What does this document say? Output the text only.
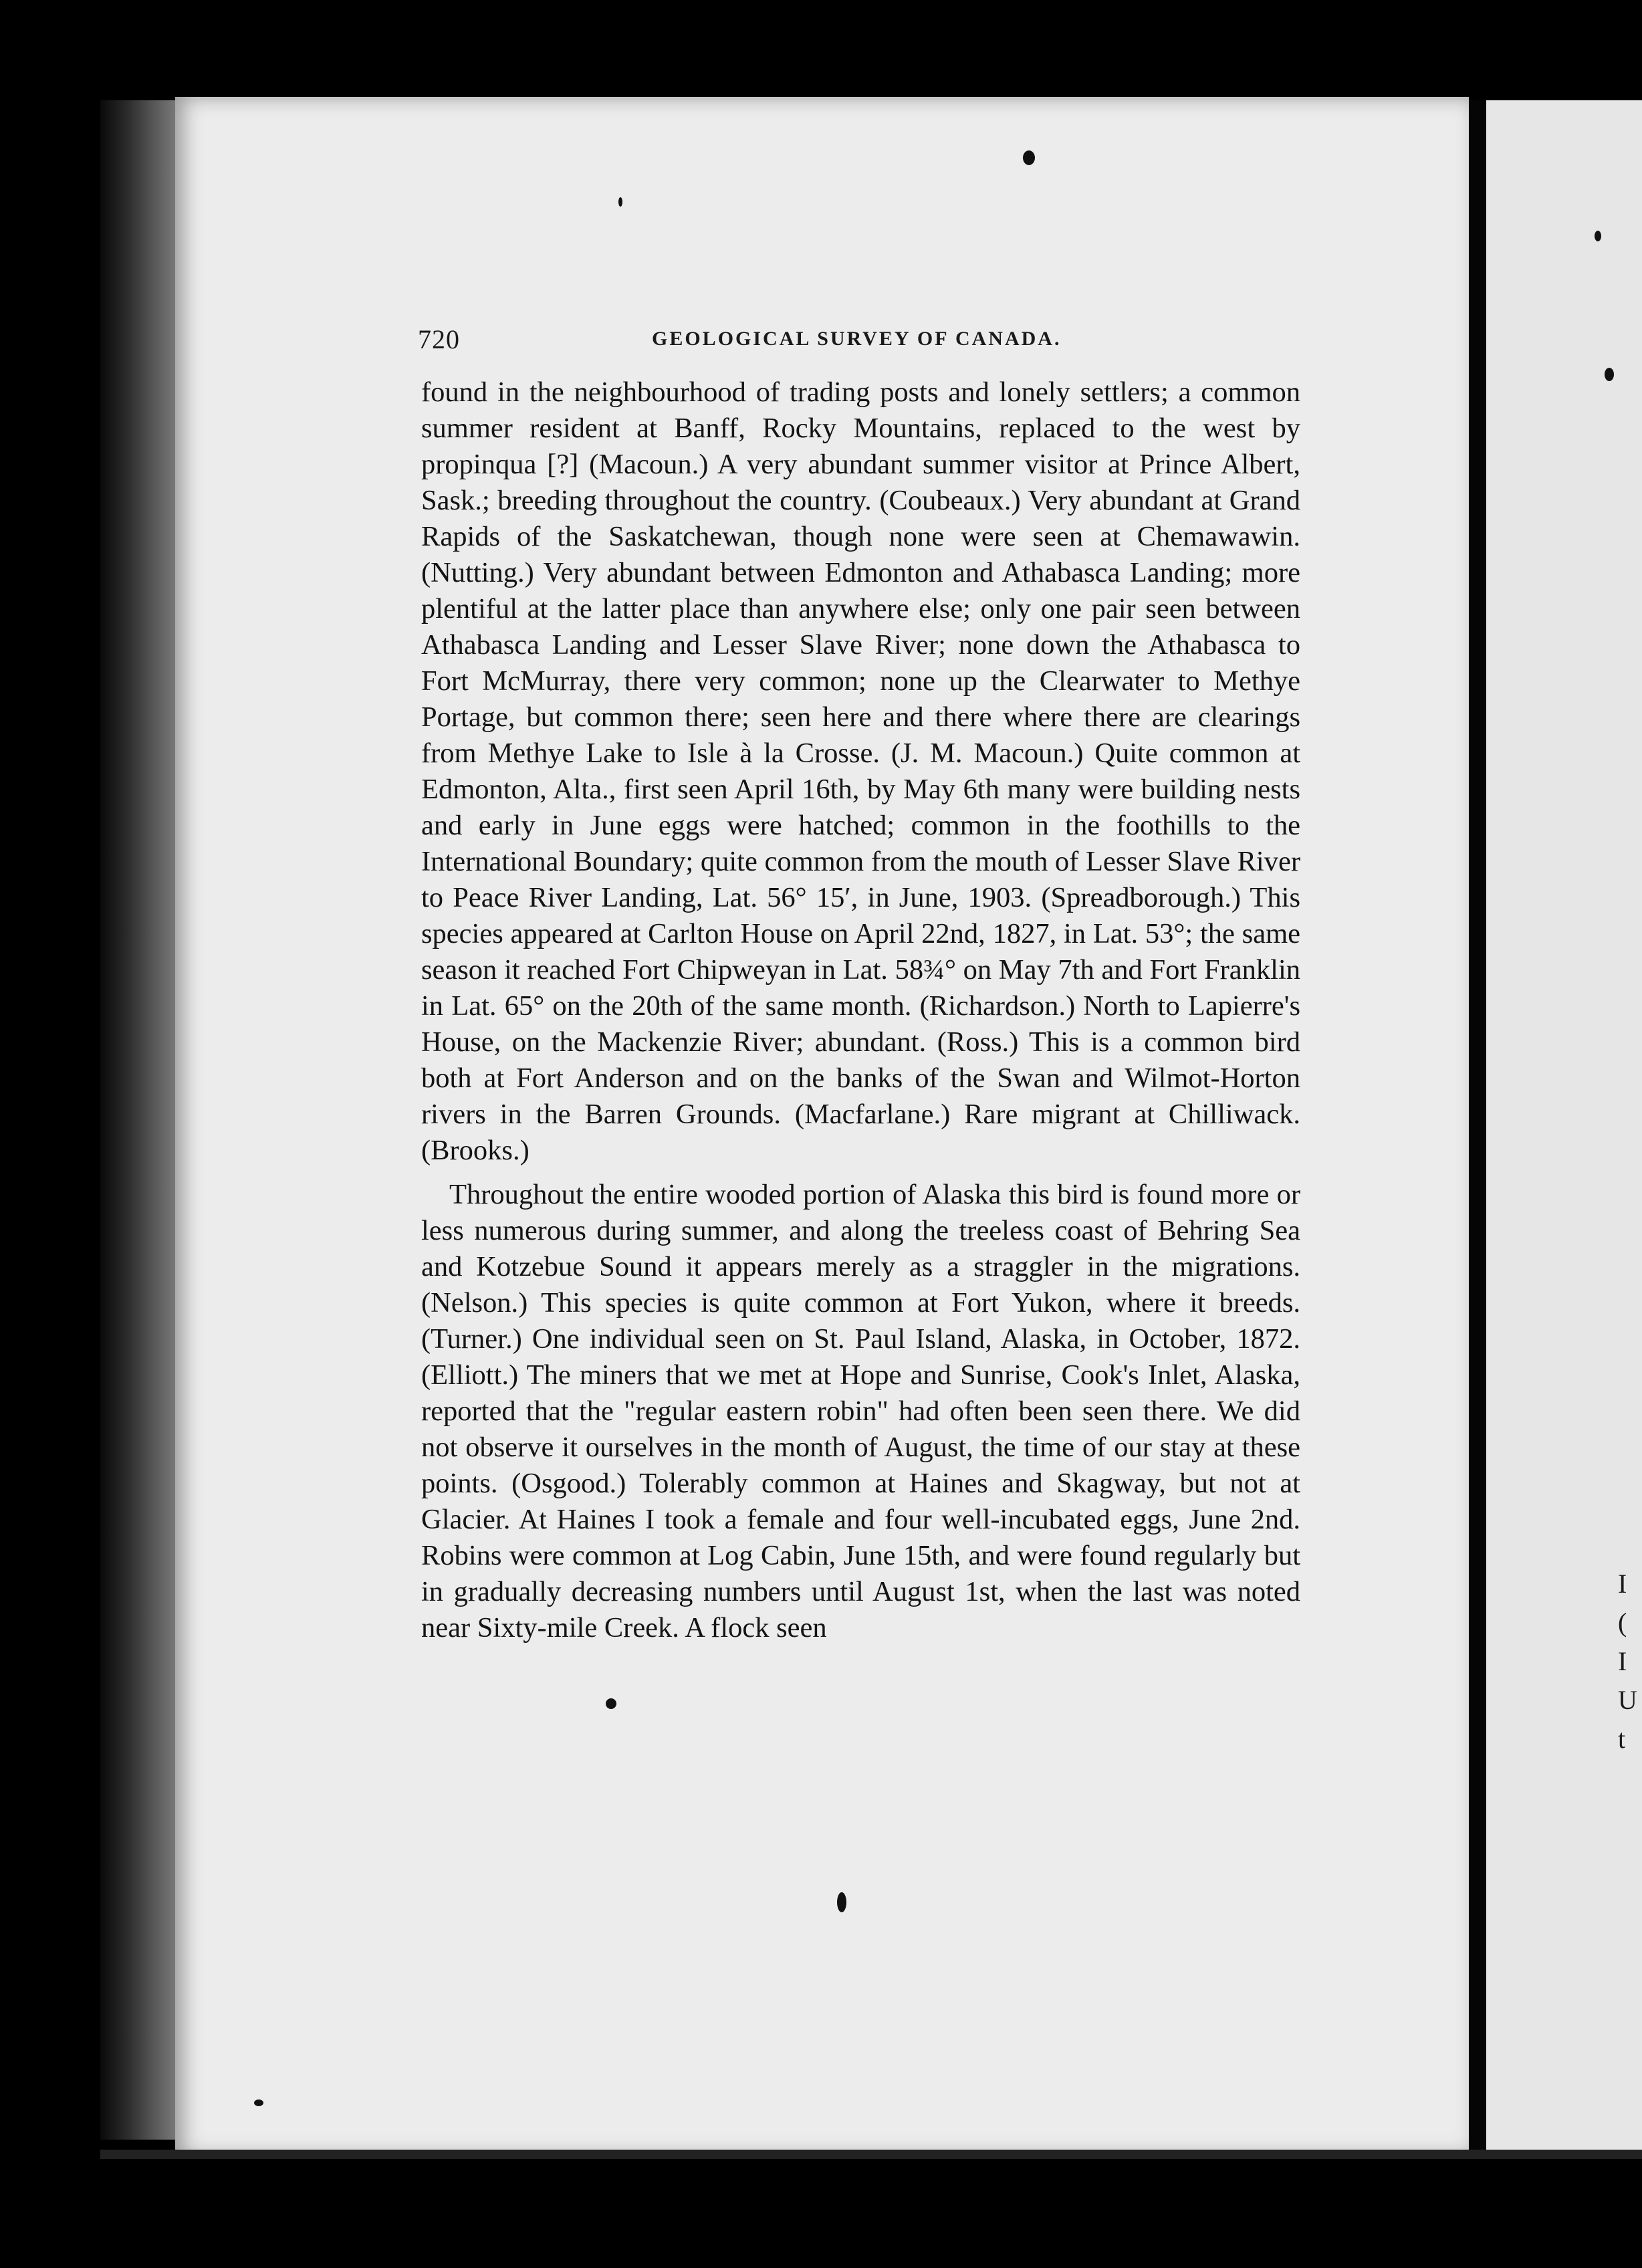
720	GEOLOGICAL SURVEY OF CANADA.

found in the neighbourhood of trading posts and lonely settlers; a common summer resident at Banff, Rocky Mountains, replaced to the west by propinqua [?] (Macoun.) A very abundant summer visitor at Prince Albert, Sask.; breeding throughout the country. (Coubeaux.) Very abundant at Grand Rapids of the Saskatchewan, though none were seen at Chemawawin. (Nutting.) Very abundant between Edmonton and Athabasca Landing; more plentiful at the latter place than anywhere else; only one pair seen between Athabasca Landing and Lesser Slave River; none down the Athabasca to Fort McMurray, there very common; none up the Clearwater to Methye Portage, but common there; seen here and there where there are clearings from Methye Lake to Isle à la Crosse. (J. M. Macoun.) Quite common at Edmonton, Alta., first seen April 16th, by May 6th many were building nests and early in June eggs were hatched; common in the foothills to the International Boundary; quite common from the mouth of Lesser Slave River to Peace River Landing, Lat. 56° 15′, in June, 1903. (Spreadborough.) This species appeared at Carlton House on April 22nd, 1827, in Lat. 53°; the same season it reached Fort Chipweyan in Lat. 58¾° on May 7th and Fort Franklin in Lat. 65° on the 20th of the same month. (Richardson.) North to Lapierre's House, on the Mackenzie River; abundant. (Ross.) This is a common bird both at Fort Anderson and on the banks of the Swan and Wilmot-Horton rivers in the Barren Grounds. (Macfarlane.) Rare migrant at Chilliwack. (Brooks.)

Throughout the entire wooded portion of Alaska this bird is found more or less numerous during summer, and along the treeless coast of Behring Sea and Kotzebue Sound it appears merely as a straggler in the migrations. (Nelson.) This species is quite common at Fort Yukon, where it breeds. (Turner.) One individual seen on St. Paul Island, Alaska, in October, 1872. (Elliott.) The miners that we met at Hope and Sunrise, Cook's Inlet, Alaska, reported that the "regular eastern robin" had often been seen there. We did not observe it ourselves in the month of August, the time of our stay at these points. (Osgood.) Tolerably common at Haines and Skagway, but not at Glacier. At Haines I took a female and four well-incubated eggs, June 2nd. Robins were common at Log Cabin, June 15th, and were found regularly but in gradually decreasing numbers until August 1st, when the last was noted near Sixty-mile Creek. A flock seen

I
(
I
U
t
